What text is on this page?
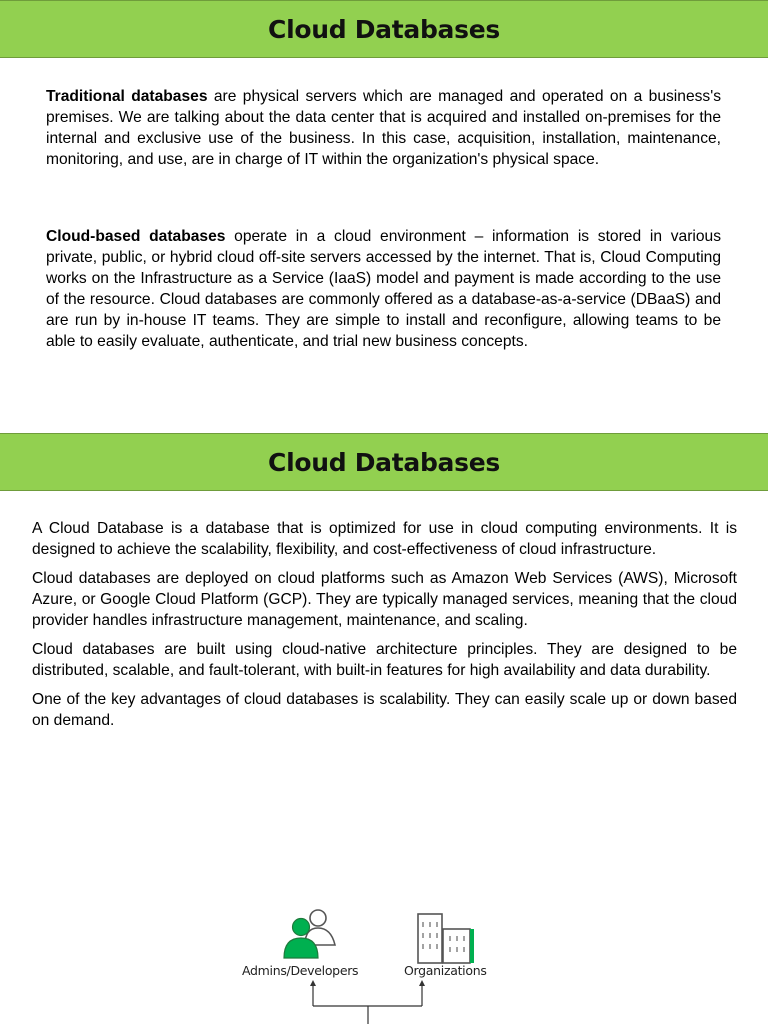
Cloud Databases

Traditional databases are physical servers which are managed and operated on a business's premises. We are talking about the data center that is acquired and installed on-premises for the internal and exclusive use of the business. In this case, acquisition, installation, maintenance, monitoring, and use, are in charge of IT within the organization's physical space.

Cloud-based databases operate in a cloud environment – information is stored in various private, public, or hybrid cloud off-site servers accessed by the internet. That is, Cloud Computing works on the Infrastructure as a Service (IaaS) model and payment is made according to the use of the resource. Cloud databases are commonly offered as a database-as-a-service (DBaaS) and are run by in-house IT teams. They are simple to install and reconfigure, allowing teams to be able to easily evaluate, authenticate, and trial new business concepts.

Cloud Databases

A Cloud Database is a database that is optimized for use in cloud computing environments. It is designed to achieve the scalability, flexibility, and cost-effectiveness of cloud infrastructure.

Cloud databases are deployed on cloud platforms such as Amazon Web Services (AWS), Microsoft Azure, or Google Cloud Platform (GCP). They are typically managed services, meaning that the cloud provider handles infrastructure management, maintenance, and scaling.

Cloud databases are built using cloud-native architecture principles. They are designed to be distributed, scalable, and fault-tolerant, with built-in features for high availability and data durability.

One of the key advantages of cloud databases is scalability. They can easily scale up or down based on demand.

Admins/Developers	Organizations
